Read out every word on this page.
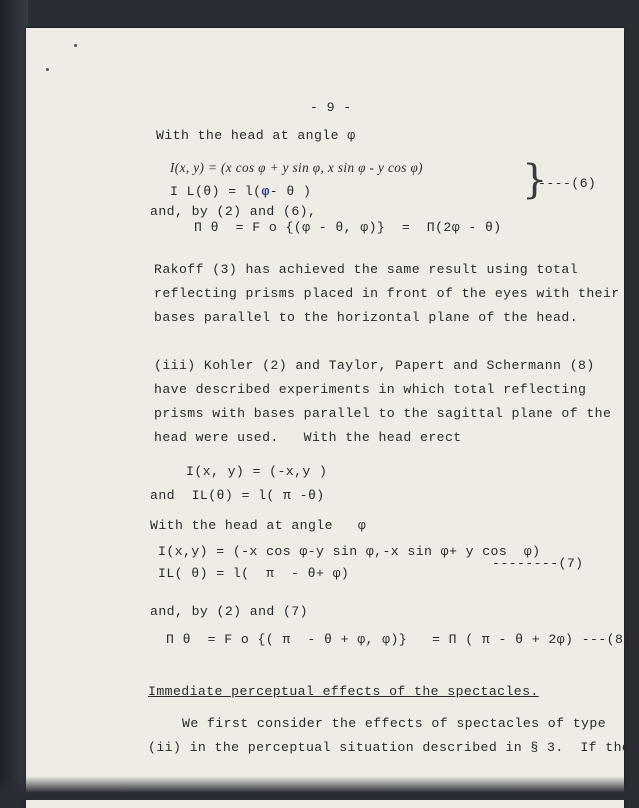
- 9 -
With the head at angle φ
I(x, y) = (x cos φ + y sin φ, x sin φ - y cos φ)
I L(θ) = l(φ- θ )	}
----(6)
and, by (2) and (6),
Π θ  = F o {(φ - θ, φ)}  =  Π(2φ - θ)
Rakoff (3) has achieved the same result using total
reflecting prisms placed in front of the eyes with their
bases parallel to the horizontal plane of the head.
(iii) Kohler (2) and Taylor, Papert and Schermann (8)
have described experiments in which total reflecting
prisms with bases parallel to the sagittal plane of the
head were used.   With the head erect
I(x, y) = (-x,y )
and  IL(θ) = l( π -θ)
With the head at angle   φ
I(x,y) = (-x cos φ-y sin φ,-x sin φ+ y cos  φ)
IL( θ) = l(  π  - θ+ φ)
--------(7)
and, by (2) and (7)
Π θ  = F o {( π  - θ + φ, φ)}   = Π ( π - θ + 2φ) ---(8)
Immediate perceptual effects of the spectacles.
We first consider the effects of spectacles of type
(ii) in the perceptual situation described in § 3.  If the
